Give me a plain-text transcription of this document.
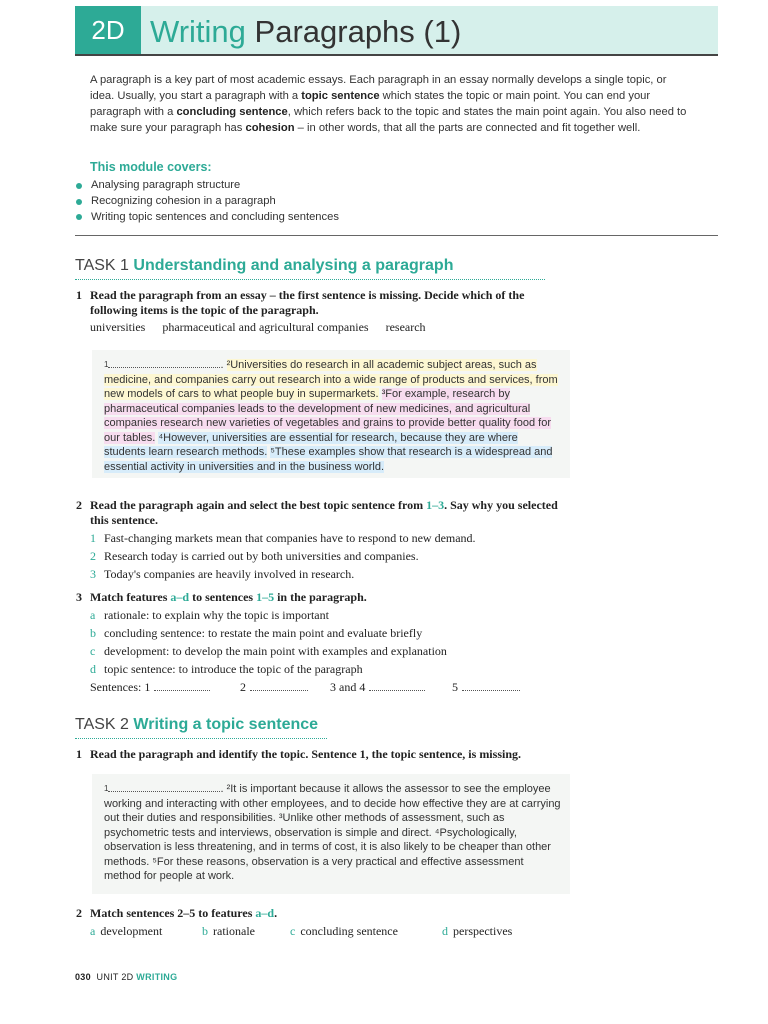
2D Writing Paragraphs (1)
A paragraph is a key part of most academic essays. Each paragraph in an essay normally develops a single topic, or idea. Usually, you start a paragraph with a topic sentence which states the topic or main point. You can end your paragraph with a concluding sentence, which refers back to the topic and states the main point again. You also need to make sure your paragraph has cohesion – in other words, that all the parts are connected and fit together well.
This module covers:
Analysing paragraph structure
Recognizing cohesion in a paragraph
Writing topic sentences and concluding sentences
TASK 1 Understanding and analysing a paragraph
1 Read the paragraph from an essay – the first sentence is missing. Decide which of the following items is the topic of the paragraph.
universities pharmaceutical and agricultural companies research
$^1$	. ²Universities do research in all academic subject areas, such as medicine, and companies carry out research into a wide range of products and services, from new models of cars to what people buy in supermarkets. ³For example, research by pharmaceutical companies leads to the development of new medicines, and agricultural companies research new varieties of vegetables and grains to provide better quality food for our tables. ⁴However, universities are essential for research, because they are where students learn research methods. ⁵These examples show that research is a widespread and essential activity in universities and in the business world.
2 Read the paragraph again and select the best topic sentence from 1–3. Say why you selected this sentence.
1 Fast-changing markets mean that companies have to respond to new demand.
2 Research today is carried out by both universities and companies.
3 Today's companies are heavily involved in research.
3 Match features a–d to sentences 1–5 in the paragraph.
a rationale: to explain why the topic is important
b concluding sentence: to restate the main point and evaluate briefly
c development: to develop the main point with examples and explanation
d topic sentence: to introduce the topic of the paragraph
Sentences: 1	2	3 and 4	5
TASK 2 Writing a topic sentence
1 Read the paragraph and identify the topic. Sentence 1, the topic sentence, is missing.
$^1$	. ²It is important because it allows the assessor to see the employee working and interacting with other employees, and to decide how effective they are at carrying out their duties and responsibilities. ³Unlike other methods of assessment, such as psychometric tests and interviews, observation is simple and direct. ⁴Psychologically, observation is less threatening, and in terms of cost, it is also likely to be cheaper than other methods. ⁵For these reasons, observation is a very practical and effective assessment method for people at work.
2 Match sentences 2–5 to features a–d.
a development	b rationale	c concluding sentence	d perspectives
030 UNIT 2D WRITING
